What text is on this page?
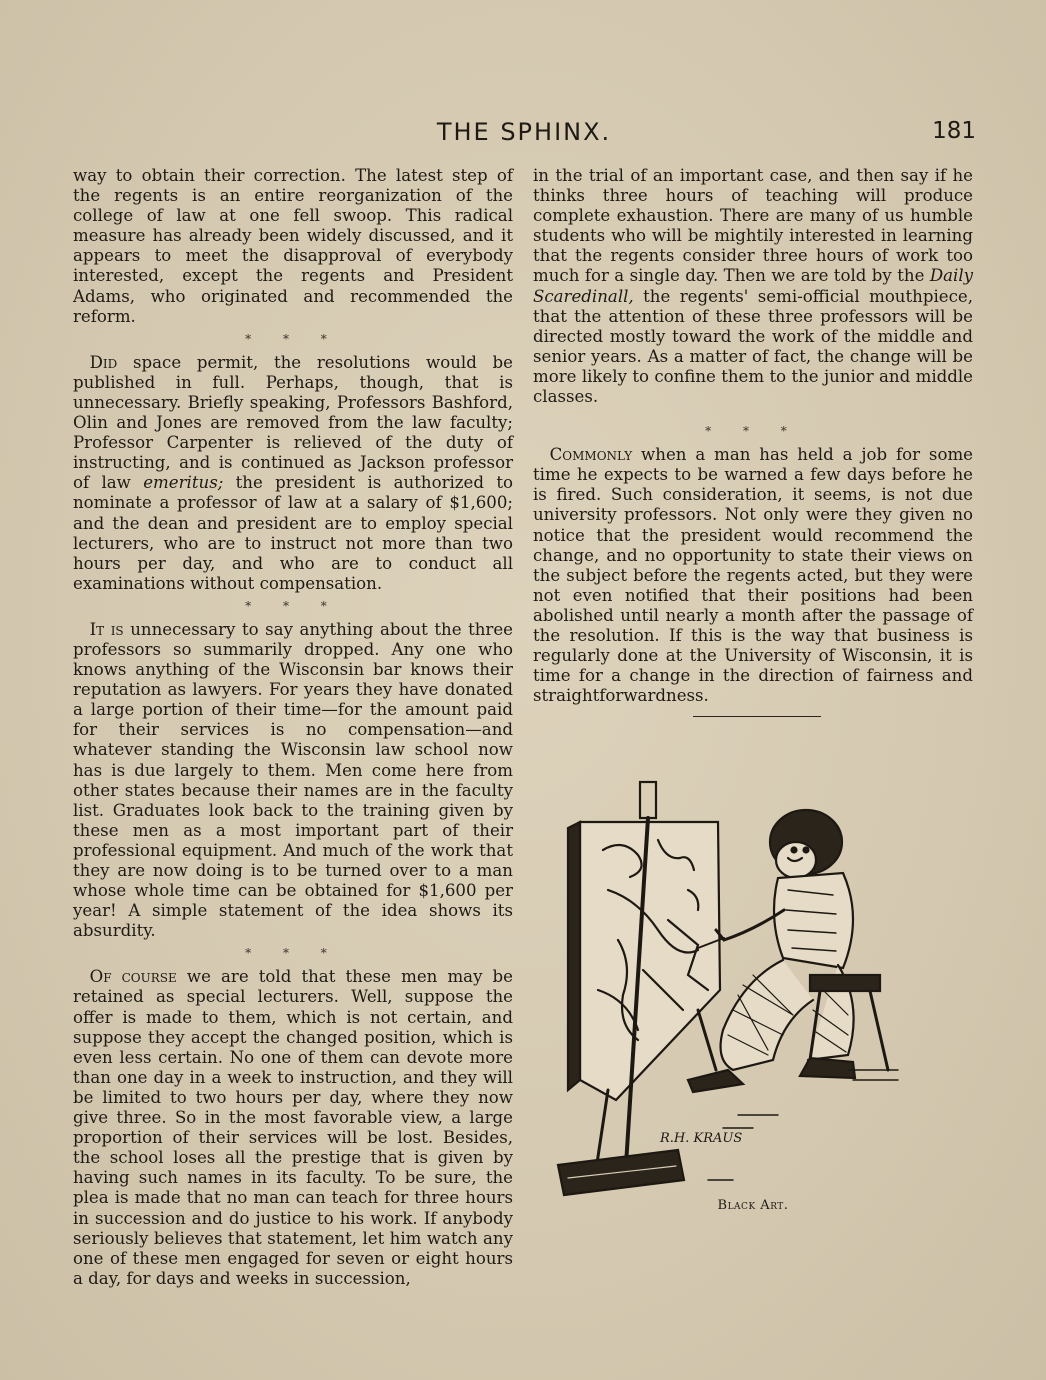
THE SPHINX.	181

way to obtain their correction. The latest step of the regents is an entire reorganization of the college of law at one fell swoop. This radical measure has already been widely discussed, and it appears to meet the disapproval of everybody interested, except the regents and President Adams, who originated and recommended the reform.

* * *

 Did space permit, the resolutions would be published in full. Perhaps, though, that is unnecessary. Briefly speaking, Professors Bashford, Olin and Jones are removed from the law faculty; Professor Carpenter is relieved of the duty of instructing, and is continued as Jackson professor of law emeritus; the president is authorized to nominate a professor of law at a salary of $1,600; and the dean and president are to employ special lecturers, who are to instruct not more than two hours per day, and who are to conduct all examinations without compensation.

* * *

 It is unnecessary to say anything about the three professors so summarily dropped. Any one who knows anything of the Wisconsin bar knows their reputation as lawyers. For years they have donated a large portion of their time—for the amount paid for their services is no compensation—and whatever standing the Wisconsin law school now has is due largely to them. Men come here from other states because their names are in the faculty list. Graduates look back to the training given by these men as a most important part of their professional equipment. And much of the work that they are now doing is to be turned over to a man whose whole time can be obtained for $1,600 per year! A simple statement of the idea shows its absurdity.

* * *

 Of course we are told that these men may be retained as special lecturers. Well, suppose the offer is made to them, which is not certain, and suppose they accept the changed position, which is even less certain. No one of them can devote more than one day in a week to instruction, and they will be limited to two hours per day, where they now give three. So in the most favorable view, a large proportion of their services will be lost. Besides, the school loses all the prestige that is given by having such names in its faculty. To be sure, the plea is made that no man can teach for three hours in succession and do justice to his work. If anybody seriously believes that statement, let him watch any one of these men engaged for seven or eight hours a day, for days and weeks in succession,

in the trial of an important case, and then say if he thinks three hours of teaching will produce complete exhaustion. There are many of us humble students who will be mightily interested in learning that the regents consider three hours of work too much for a single day. Then we are told by the Daily Scaredinall, the regents' semi-official mouthpiece, that the attention of these three professors will be directed mostly toward the work of the middle and senior years. As a matter of fact, the change will be more likely to confine them to the junior and middle classes.

* * *

 Commonly when a man has held a job for some time he expects to be warned a few days before he is fired. Such consideration, it seems, is not due university professors. Not only were they given no notice that the president would recommend the change, and no opportunity to state their views on the subject before the regents acted, but they were not even notified that their positions had been abolished until nearly a month after the passage of the resolution. If this is the way that business is regularly done at the University of Wisconsin, it is time for a change in the direction of fairness and straightforwardness.

R.H. KRAUS
Black Art.
